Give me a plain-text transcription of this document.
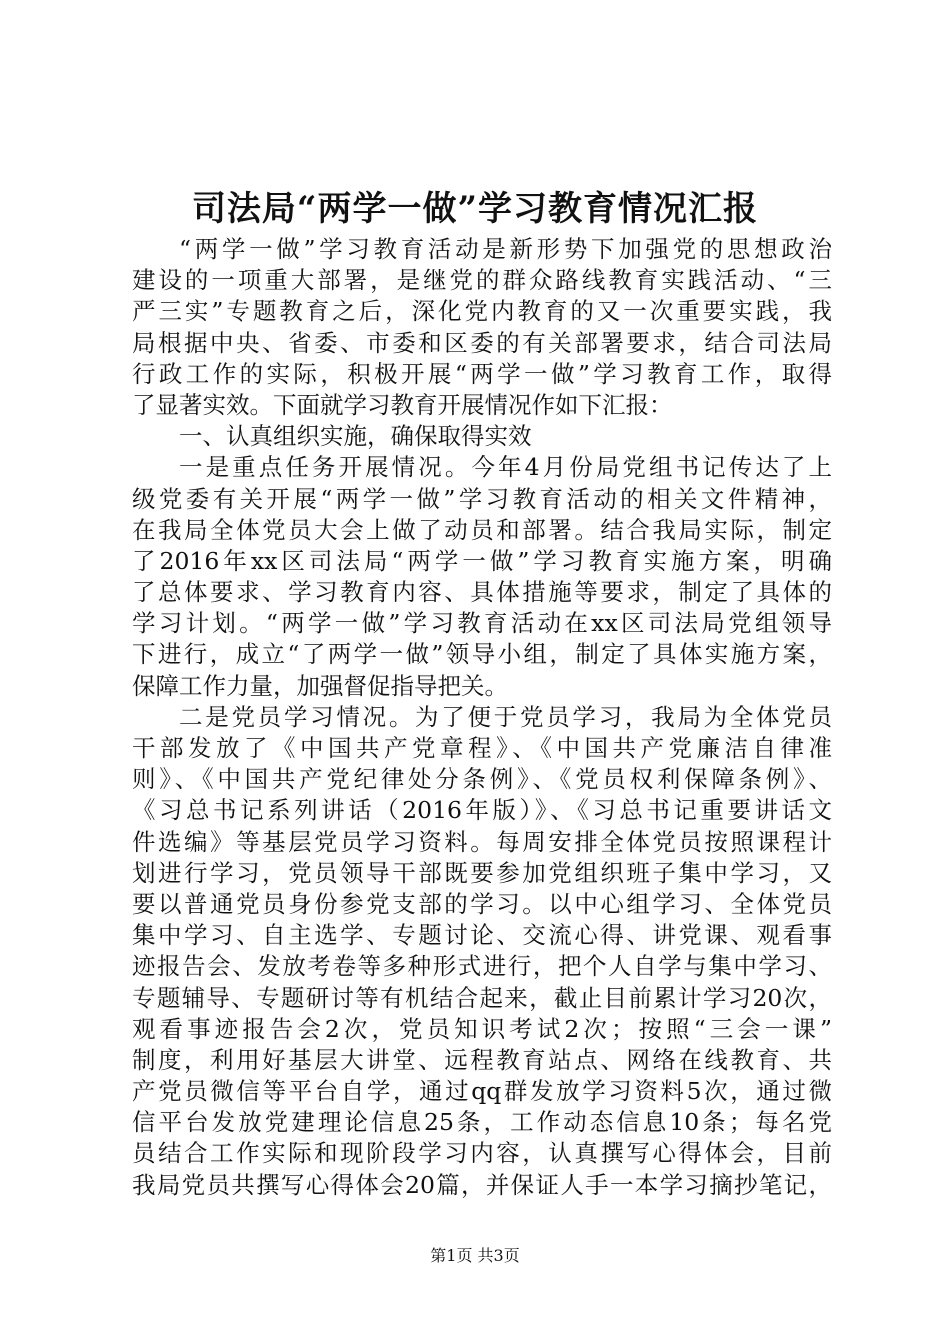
司法局“两学一做”学习教育情况汇报
“两学一做”学习教育活动是新形势下加强党的思想政治
建设的一项重大部署，是继党的群众路线教育实践活动、“三
严三实”专题教育之后，深化党内教育的又一次重要实践，我
局根据中央、省委、市委和区委的有关部署要求，结合司法局
行政工作的实际，积极开展“两学一做”学习教育工作，取得
了显著实效。下面就学习教育开展情况作如下汇报：
一、认真组织实施，确保取得实效
一是重点任务开展情况。今年4月份局党组书记传达了上
级党委有关开展“两学一做”学习教育活动的相关文件精神，
在我局全体党员大会上做了动员和部署。结合我局实际，制定
了2016年xx区司法局“两学一做”学习教育实施方案，明确
了总体要求、学习教育内容、具体措施等要求，制定了具体的
学习计划。“两学一做”学习教育活动在xx区司法局党组领导
下进行，成立“了两学一做”领导小组，制定了具体实施方案，
保障工作力量，加强督促指导把关。
二是党员学习情况。为了便于党员学习，我局为全体党员
干部发放了《中国共产党章程》、《中国共产党廉洁自律准
则》、《中国共产党纪律处分条例》、《党员权利保障条例》、
《习总书记系列讲话（2016年版）》、《习总书记重要讲话文
件选编》等基层党员学习资料。每周安排全体党员按照课程计
划进行学习，党员领导干部既要参加党组织班子集中学习，又
要以普通党员身份参党支部的学习。以中心组学习、全体党员
集中学习、自主选学、专题讨论、交流心得、讲党课、观看事
迹报告会、发放考卷等多种形式进行，把个人自学与集中学习、
专题辅导、专题研讨等有机结合起来，截止目前累计学习20次，
观看事迹报告会2次，党员知识考试2次；按照“三会一课”
制度，利用好基层大讲堂、远程教育站点、网络在线教育、共
产党员微信等平台自学，通过qq群发放学习资料5次，通过微
信平台发放党建理论信息25条，工作动态信息10条；每名党
员结合工作实际和现阶段学习内容，认真撰写心得体会，目前
我局党员共撰写心得体会20篇，并保证人手一本学习摘抄笔记，
第1页 共3页
